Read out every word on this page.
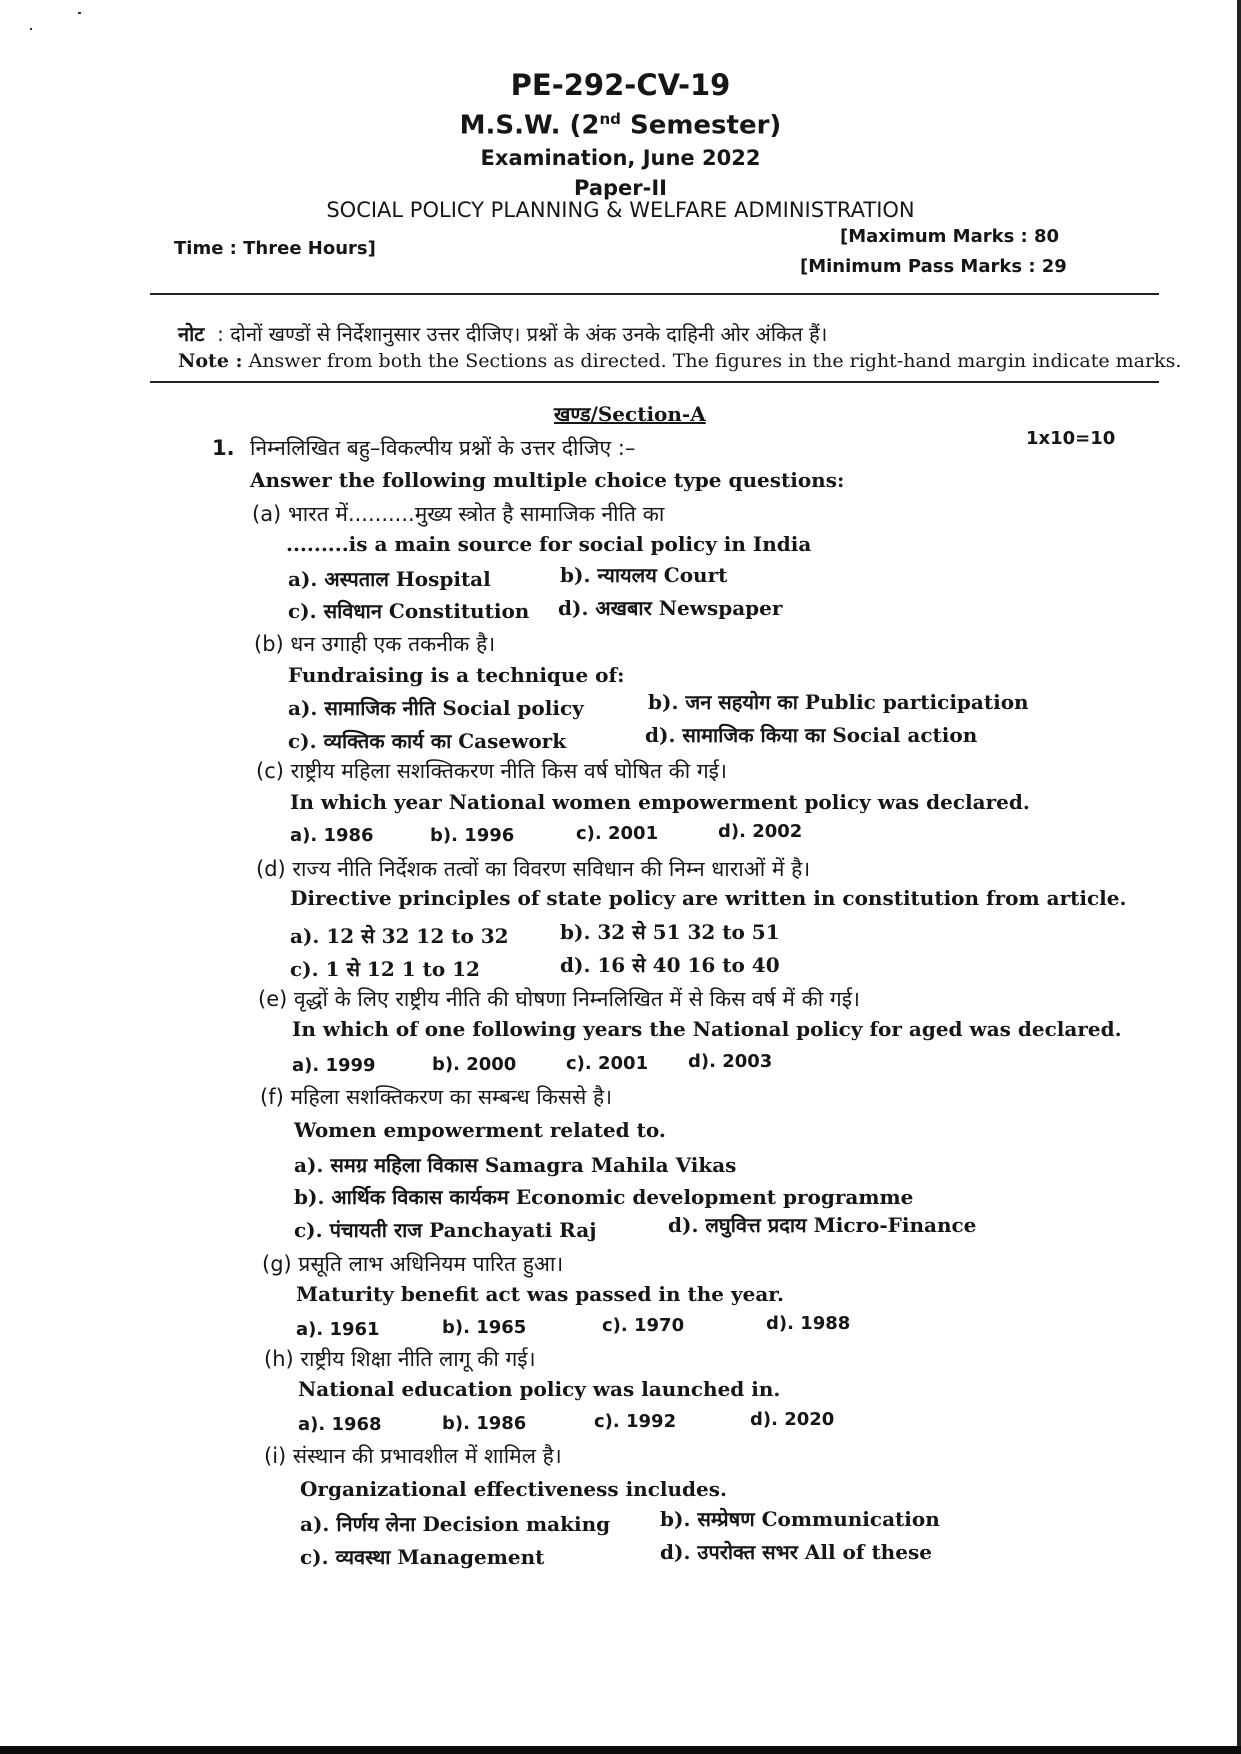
PE-292-CV-19
M.S.W. (2nd Semester)
Examination, June 2022
Paper-II
SOCIAL POLICY PLANNING & WELFARE ADMINISTRATION
Time : Three Hours]
[Maximum Marks : 80
[Minimum Pass Marks : 29
नोट : दोनों खण्डों से निर्देशानुसार उत्तर दीजिए। प्रश्नों के अंक उनके दाहिनी ओर अंकित हैं।
Note : Answer from both the Sections as directed. The figures in the right-hand margin indicate marks.
खण्ड/Section-A
1. निम्नलिखित बहु–विकल्पीय प्रश्नों के उत्तर दीजिए :–	1x10=10
Answer the following multiple choice type questions:
(a) भारत में..........मुख्य स्त्रोत है सामाजिक नीति का
.........is a main source for social policy in India
a). अस्पताल Hospital	b). न्यायलय Court
c). सविधान Constitution d). अखबार Newspaper
(b) धन उगाही एक तकनीक है।
Fundraising is a technique of:
a). सामाजिक नीति Social policy	b). जन सहयोग का Public participation
c). व्यक्तिक कार्य का Casework	d). सामाजिक किया का Social action
(c) राष्ट्रीय महिला सशक्तिकरण नीति किस वर्ष घोषित की गई।
In which year National women empowerment policy was declared.
a). 1986	b). 1996	c). 2001	d). 2002
(d) राज्य नीति निर्देशक तत्वों का विवरण सविधान की निम्न धाराओं में है।
Directive principles of state policy are written in constitution from article.
a). 12 से 32 12 to 32	b). 32 से 51 32 to 51
c). 1 से 12 1 to 12	d). 16 से 40 16 to 40
(e) वृद्धों के लिए राष्ट्रीय नीति की घोषणा निम्नलिखित में से किस वर्ष में की गई।
In which of one following years the National policy for aged was declared.
a). 1999	b). 2000	c). 2001 d). 2003
(f) महिला सशक्तिकरण का सम्बन्ध किससे है।
Women empowerment related to.
a). समग्र महिला विकास Samagra Mahila Vikas
b). आर्थिक विकास कार्यकम Economic development programme
c). पंचायती राज Panchayati Raj	d). लघुवित्त प्रदाय Micro-Finance
(g) प्रसूति लाभ अधिनियम पारित हुआ।
Maturity benefit act was passed in the year.
a). 1961	b). 1965	c). 1970	d). 1988
(h) राष्ट्रीय शिक्षा नीति लागू की गई।
National education policy was launched in.
a). 1968	b). 1986	c). 1992	d). 2020
(i) संस्थान की प्रभावशील में शामिल है।
Organizational effectiveness includes.
a). निर्णय लेना Decision making b). सम्प्रेषण Communication
c). व्यवस्था Management	d). उपरोक्त सभर All of these
